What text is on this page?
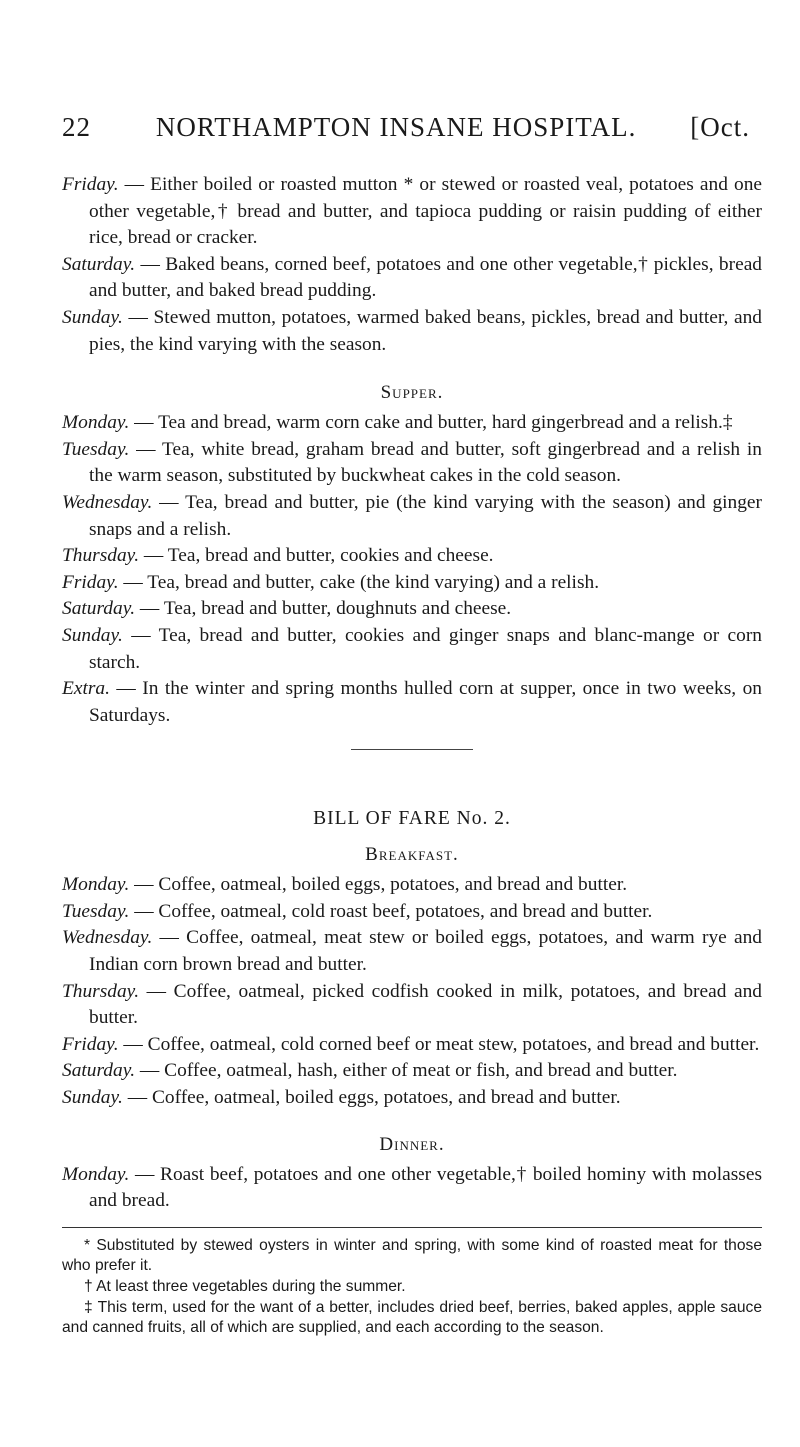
22	NORTHAMPTON INSANE HOSPITAL.	[Oct.

Friday. — Either boiled or roasted mutton * or stewed or roasted veal, potatoes and one other vegetable,† bread and butter, and tapioca pudding or raisin pudding of either rice, bread or cracker.

Saturday. — Baked beans, corned beef, potatoes and one other vegetable,† pickles, bread and butter, and baked bread pudding.

Sunday. — Stewed mutton, potatoes, warmed baked beans, pickles, bread and butter, and pies, the kind varying with the season.

Supper.

Monday. — Tea and bread, warm corn cake and butter, hard gingerbread and a relish.‡

Tuesday. — Tea, white bread, graham bread and butter, soft gingerbread and a relish in the warm season, substituted by buckwheat cakes in the cold season.

Wednesday. — Tea, bread and butter, pie (the kind varying with the season) and ginger snaps and a relish.

Thursday. — Tea, bread and butter, cookies and cheese.

Friday. — Tea, bread and butter, cake (the kind varying) and a relish.

Saturday. — Tea, bread and butter, doughnuts and cheese.

Sunday. — Tea, bread and butter, cookies and ginger snaps and blanc-mange or corn starch.

Extra. — In the winter and spring months hulled corn at supper, once in two weeks, on Saturdays.

BILL OF FARE No. 2.

Breakfast.

Monday. — Coffee, oatmeal, boiled eggs, potatoes, and bread and butter.

Tuesday. — Coffee, oatmeal, cold roast beef, potatoes, and bread and butter.

Wednesday. — Coffee, oatmeal, meat stew or boiled eggs, potatoes, and warm rye and Indian corn brown bread and butter.

Thursday. — Coffee, oatmeal, picked codfish cooked in milk, potatoes, and bread and butter.

Friday. — Coffee, oatmeal, cold corned beef or meat stew, potatoes, and bread and butter.

Saturday. — Coffee, oatmeal, hash, either of meat or fish, and bread and butter.

Sunday. — Coffee, oatmeal, boiled eggs, potatoes, and bread and butter.

Dinner.

Monday. — Roast beef, potatoes and one other vegetable,† boiled hominy with molasses and bread.

* Substituted by stewed oysters in winter and spring, with some kind of roasted meat for those who prefer it.

† At least three vegetables during the summer.

‡ This term, used for the want of a better, includes dried beef, berries, baked apples, apple sauce and canned fruits, all of which are supplied, and each according to the season.
